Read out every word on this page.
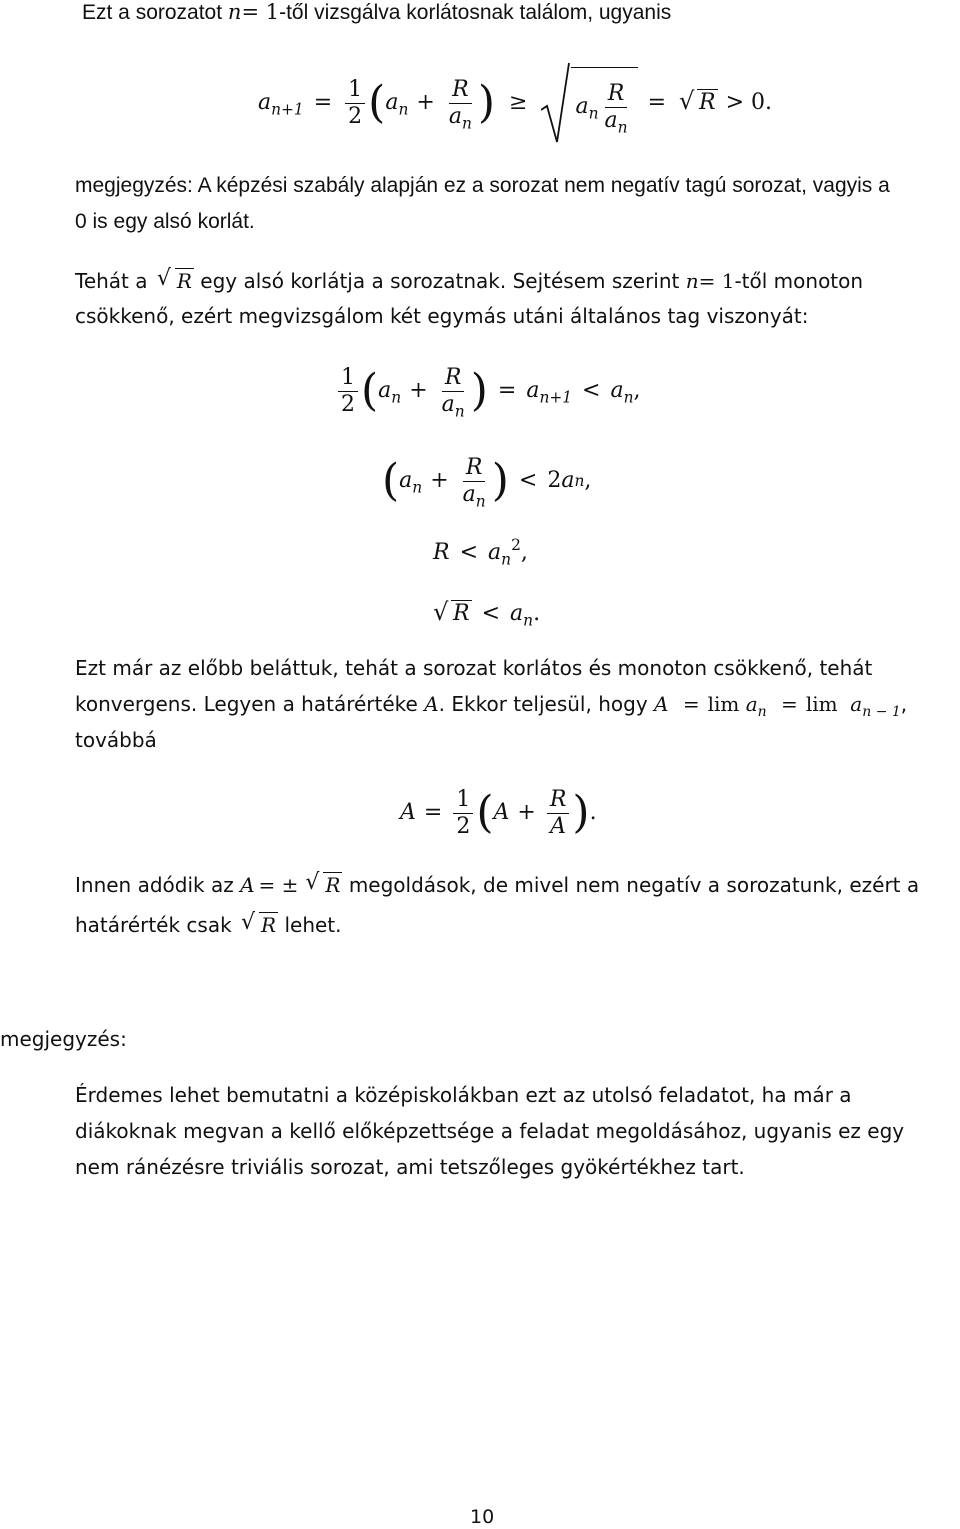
Ezt a sorozatot n= 1-től vizsgálva korlátosnak találom, ugyanis
$a_{n+1} = \frac{1}{2}$ ( $a_n + \frac{R}{a_n}$ ) ≥ $a_n \frac{R}{a_n}$ =	√ R > 0.
megjegyzés: A képzési szabály alapján ez a sorozat nem negatív tagú sorozat, vagyis a
0 is egy alsó korlát.
Tehát a √ R egy alsó korlátja a sorozatnak. Sejtésem szerint n= 1-től monoton
csökkenő, ezért megvizsgálom két egymás utáni általános tag viszonyát:
$\frac{1}{2}$ ( $a_n + \frac{R}{a_n}$ ) = $a_{n+1} < a_n$ ,
( $a_n + \frac{R}{a_n}$ ) < 2 a n ,
$R < a_n^2$,
√ $R < a_n$.
Ezt már az előbb beláttuk, tehát a sorozat korlátos és monoton csökkenő, tehát
konvergens. Legyen a határértéke A. Ekkor teljesül, hogy $A = \lim a_n = \lim a_{n - 1}$,
továbbá
$A = \frac{1}{2}$ ( $A + \frac{R}{A}$ ) .
Innen adódik az A = ± √ R megoldások, de mivel nem negatív a sorozatunk, ezért a
határérték csak √ R lehet.
megjegyzés:
Érdemes lehet bemutatni a középiskolákban ezt az utolsó feladatot, ha már a
diákoknak megvan a kellő előképzettsége a feladat megoldásához, ugyanis ez egy
nem ránézésre triviális sorozat, ami tetszőleges gyökértékhez tart.
10
